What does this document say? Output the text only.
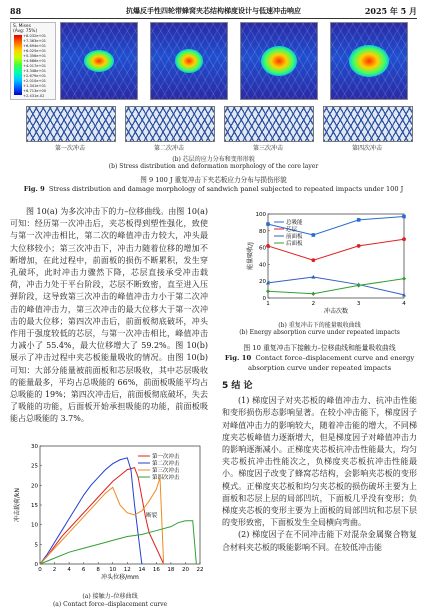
88	抗爆反手性四轮带蜂窝夹芯结构梯度设计与低速冲击响应	2025 年 5 月
S, Mises
(Avg: 75%)
+8.032e+01
+7.363e+01
+6.694e+01
+6.025e+01
+5.356e+01
+4.686e+01
+4.017e+01
+3.348e+01
+2.679e+01
+2.010e+01
+1.341e+01
+6.713e+00
+2.431e-02
第一次冲击	第二次冲击	第三次冲击	第四次冲击
(b) 芯层的应力分布和变形形貌
(b) Stress distribution and deformation morphology of the core layer
图 9 100 J 重复冲击下夹芯板应力分布与损伤形貌
Fig. 9 Stress distribution and damage morphology of sandwich panel subjected to repeated impacts under 100 J

图 10(a) 为多次冲击下的力–位移曲线。由图 10(a) 可知：经历第一次冲击后，夹芯板得到塑性强化，致使与第一次冲击相比，第二次的峰值冲击力较大，冲头最大位移较小；第三次冲击下，冲击力随着位移的增加不断增加，在此过程中，前面板的损伤不断累积，发生穿孔破坏，此时冲击力骤然下降，芯层直接承受冲击载荷，冲击力处于平台阶段，芯层不断致密，直至进入压弹阶段，这导致第三次冲击的峰值冲击力小于第二次冲击的峰值冲击力，第三次冲击的最大位移大于第一次冲击的最大位移；第四次冲击后，前面板彻底破坏，冲头作用于强度较低的芯层，与第一次冲击相比，峰值冲击力减小了 55.4%，最大位移增大了 59.2%。图 10(b) 展示了冲击过程中夹芯板能量吸收的情况。由图 10(b) 可知：大部分能量被前面板和芯层吸收，其中芯层吸收的能量最多，平均占总吸能的 66%，前面板吸能平均占总吸能的 19%；第四次冲击后，前面板彻底破坏，失去了吸能的功能，后面板开始承担吸能的功能，前面板吸能占总吸能的 3.7%。

0 2 4 6 8 10 12 14 16 18 20 22
0
5
10
15
20
25
30
冲头位移/mm
冲击载荷/kN
第一次冲击
第二次冲击
第三次冲击
第四次冲击
断裂
(a) 接触力–位移曲线
(a) Contact force–displacement curve
1	2	3	4
0
20
40
60
80
100
冲击次数
能量吸收/J
总吸能
芯层
前面板
后面板
(b) 重复冲击下的能量吸收曲线
(b) Energy absorption curve under repeated impacts
图 10 重复冲击下接触力–位移曲线和能量吸收曲线
Fig. 10 Contact force–displacement curve and energy absorption curve under repeated impacts
5 结 论

(1) 梯度因子对夹芯板的峰值冲击力、抗冲击性能和变形损伤形态影响显著。在较小冲击能下，梯度因子对峰值冲击力的影响较大，随着冲击能的增大，不同梯度夹芯板峰值力逐渐增大，但是梯度因子对峰值冲击力的影响逐渐减小。正梯度夹芯板抗冲击性能最大，均匀夹芯板抗冲击性能次之，负梯度夹芯板抗冲击性能最小。梯度因子改变了蜂窝芯结构，会影响夹芯板的变形模式。正梯度夹芯板和均匀夹芯板的损伤破坏主要为上面板和芯层上层的局部凹坑，下面板几乎没有变形；负梯度夹芯板的变形主要为上面板的局部凹坑和芯层下层的变形致密，下面板发生全局横向弯曲。

(2) 梯度因子在不同冲击能下对混杂金属聚合物复合材料夹芯板的吸能影响不同。在较低冲击能
